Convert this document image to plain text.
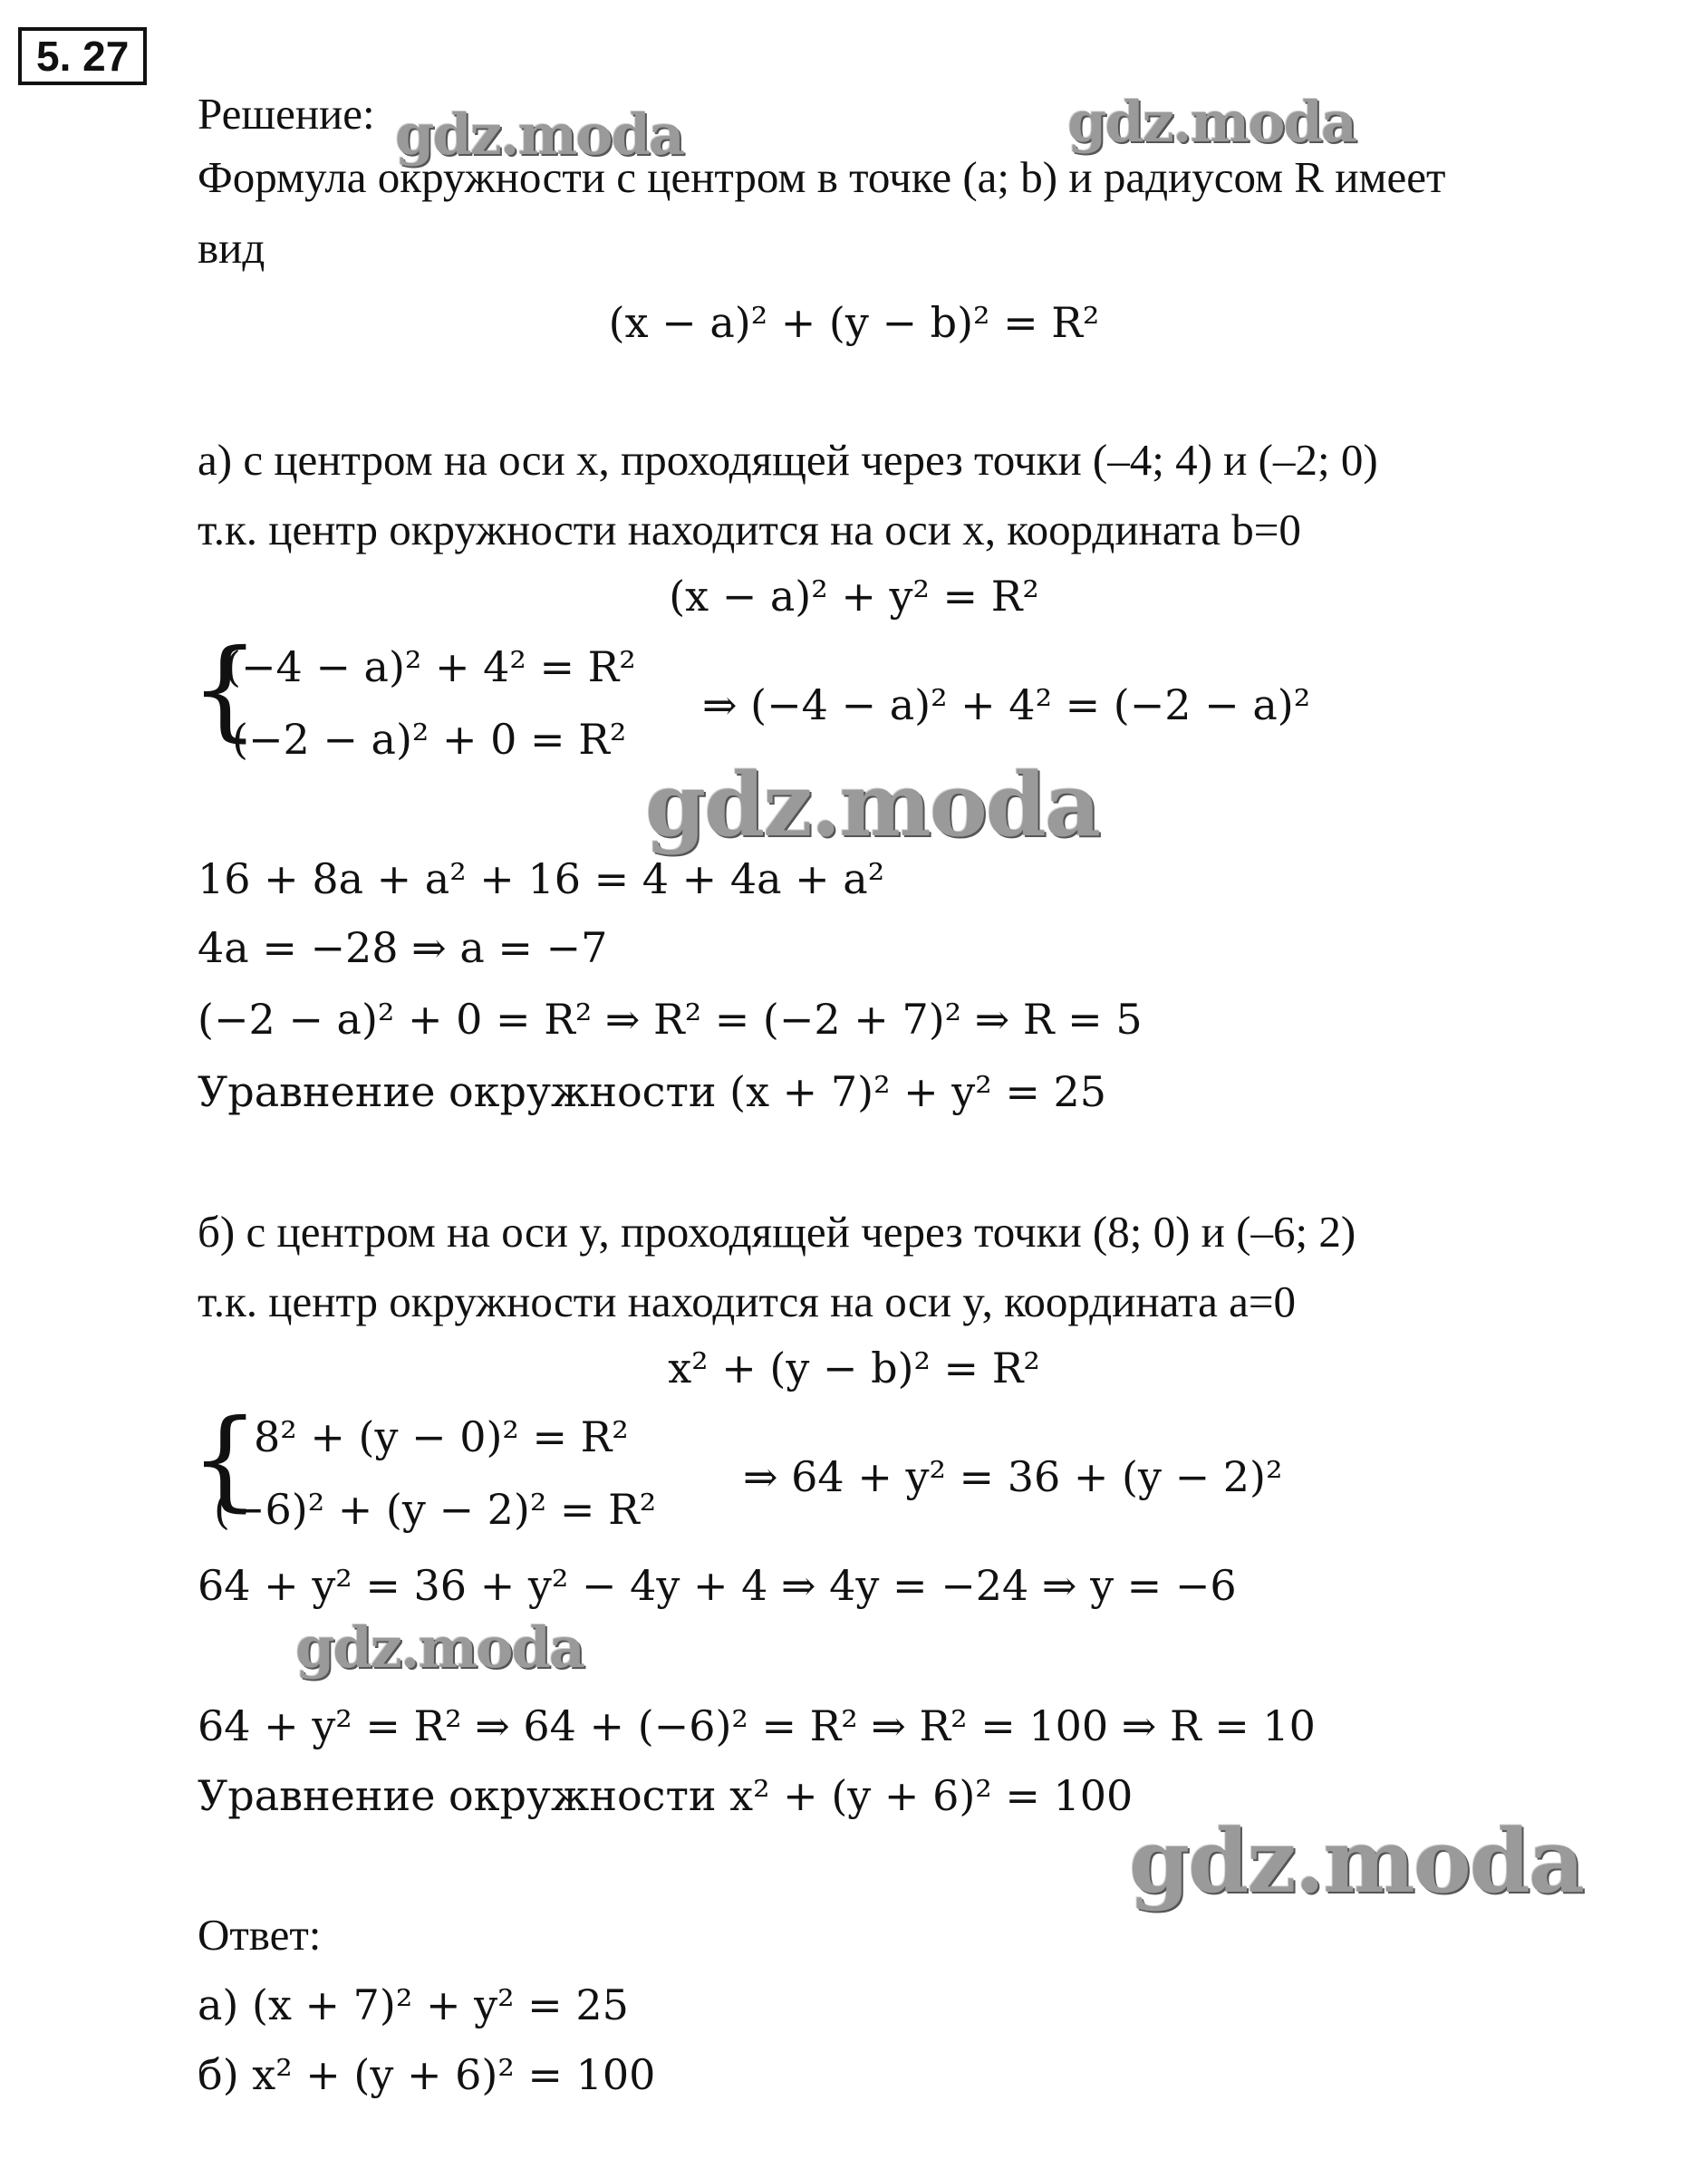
5. 27
Решение:
Формула окружности с центром в точке (a; b) и радиусом R имеет
вид
(x − a)² + (y − b)² = R²
а) с центром на оси x, проходящей через точки (–4; 4) и (–2; 0)
т.к. центр окружности находится на оси x, координата b=0
(x − a)² + y² = R²
{
(−4 − a)² + 4² = R²
(−2 − a)² + 0 = R²
⇒ (−4 − a)² + 4² = (−2 − a)²
16 + 8a + a² + 16 = 4 + 4a + a²
4a = −28 ⇒ a = −7
(−2 − a)² + 0 = R² ⇒ R² = (−2 + 7)² ⇒ R = 5
Уравнение окружности (x + 7)² + y² = 25
б) с центром на оси y, проходящей через точки (8; 0) и (–6; 2)
т.к. центр окружности находится на оси y, координата a=0
x² + (y − b)² = R²
{
8² + (y − 0)² = R²
(−6)² + (y − 2)² = R²
⇒ 64 + y² = 36 + (y − 2)²
64 + y² = 36 + y² − 4y + 4 ⇒ 4y = −24 ⇒ y = −6
64 + y² = R² ⇒ 64 + (−6)² = R² ⇒ R² = 100 ⇒ R = 10
Уравнение окружности x² + (y + 6)² = 100
Ответ:
а) (x + 7)² + y² = 25
б) x² + (y + 6)² = 100
gdz.moda	gdz.moda
gdz.moda
gdz.moda
gdz.moda
